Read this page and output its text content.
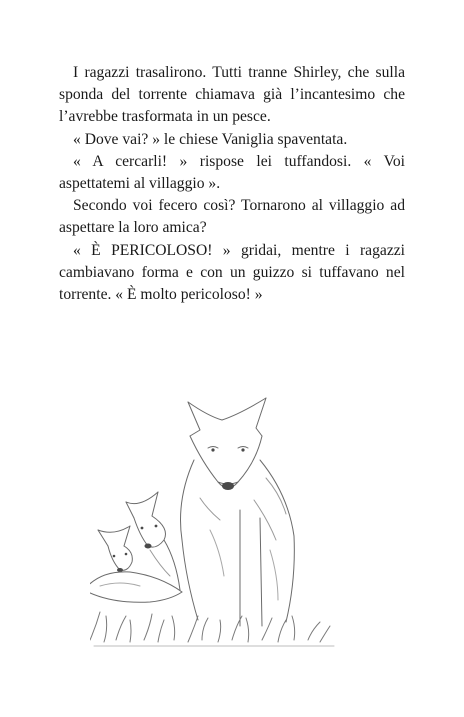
I ragazzi trasalirono. Tutti tranne Shirley, che sulla sponda del torrente chiamava già l’incantesimo che l’avrebbe trasformata in un pesce.

« Dove vai? » le chiese Vaniglia spaventata.

« A cercarli! » rispose lei tuffandosi. « Voi aspettatemi al villaggio ».

Secondo voi fecero così? Tornarono al villaggio ad aspettare la loro amica?

« È PERICOLOSO! » gridai, mentre i ragazzi cambiavano forma e con un guizzo si tuffavano nel torrente. « È molto pericoloso! »
